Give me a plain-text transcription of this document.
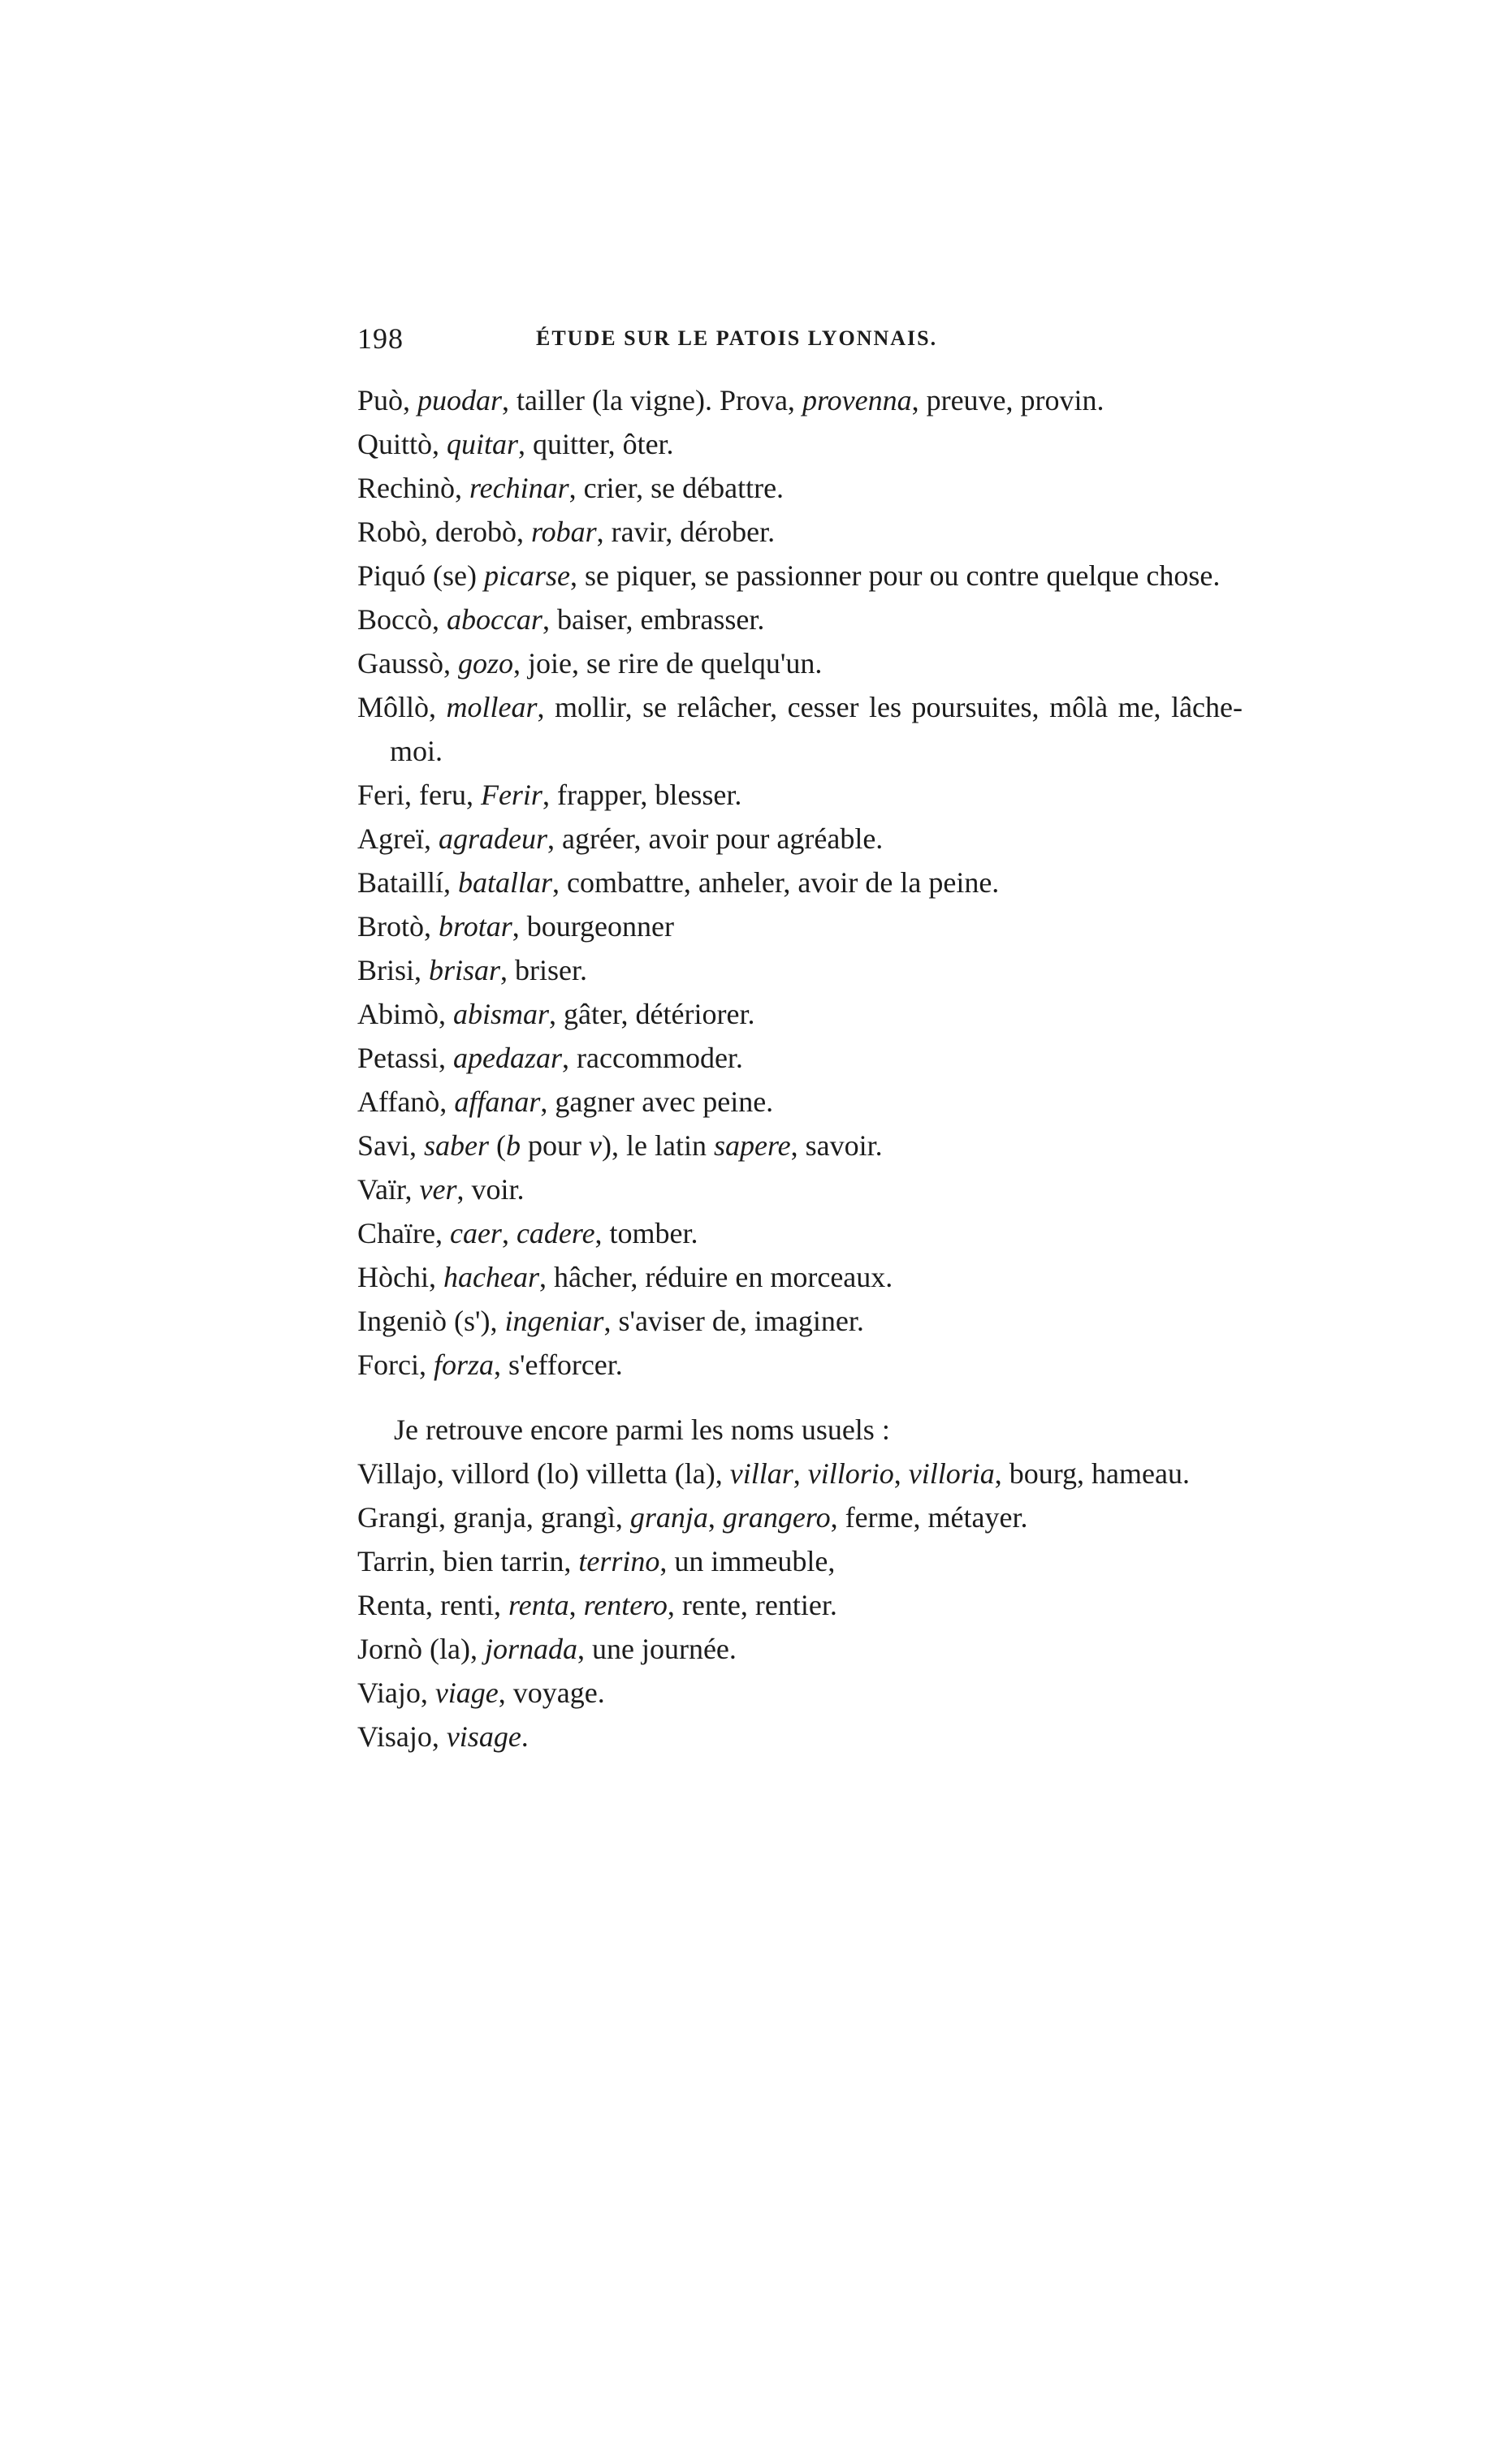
198	ÉTUDE SUR LE PATOIS LYONNAIS.

Può, puodar, tailler (la vigne). Prova, provenna, preuve, provin.

Quittò, quitar, quitter, ôter.

Rechinò, rechinar, crier, se débattre.

Robò, derobò, robar, ravir, dérober.

Piquó (se) picarse, se piquer, se passionner pour ou contre quelque chose.

Boccò, aboccar, baiser, embrasser.

Gaussò, gozo, joie, se rire de quelqu'un.

Môllò, mollear, mollir, se relâcher, cesser les poursuites, môlà me, lâche-moi.

Feri, feru, Ferir, frapper, blesser.

Agreï, agradeur, agréer, avoir pour agréable.

Bataillí, batallar, combattre, anheler, avoir de la peine.

Brotò, brotar, bourgeonner

Brisi, brisar, briser.

Abimò, abismar, gâter, détériorer.

Petassi, apedazar, raccommoder.

Affanò, affanar, gagner avec peine.

Savi, saber (b pour v), le latin sapere, savoir.

Vaïr, ver, voir.

Chaïre, caer, cadere, tomber.

Hòchi, hachear, hâcher, réduire en morceaux.

Ingeniò (s'), ingeniar, s'aviser de, imaginer.

Forci, forza, s'efforcer.

Je retrouve encore parmi les noms usuels :

Villajo, villord (lo) villetta (la), villar, villorio, villoria, bourg, hameau.

Grangi, granja, grangì, granja, grangero, ferme, métayer.

Tarrin, bien tarrin, terrino, un immeuble,

Renta, renti, renta, rentero, rente, rentier.

Jornò (la), jornada, une journée.

Viajo, viage, voyage.

Visajo, visage.
